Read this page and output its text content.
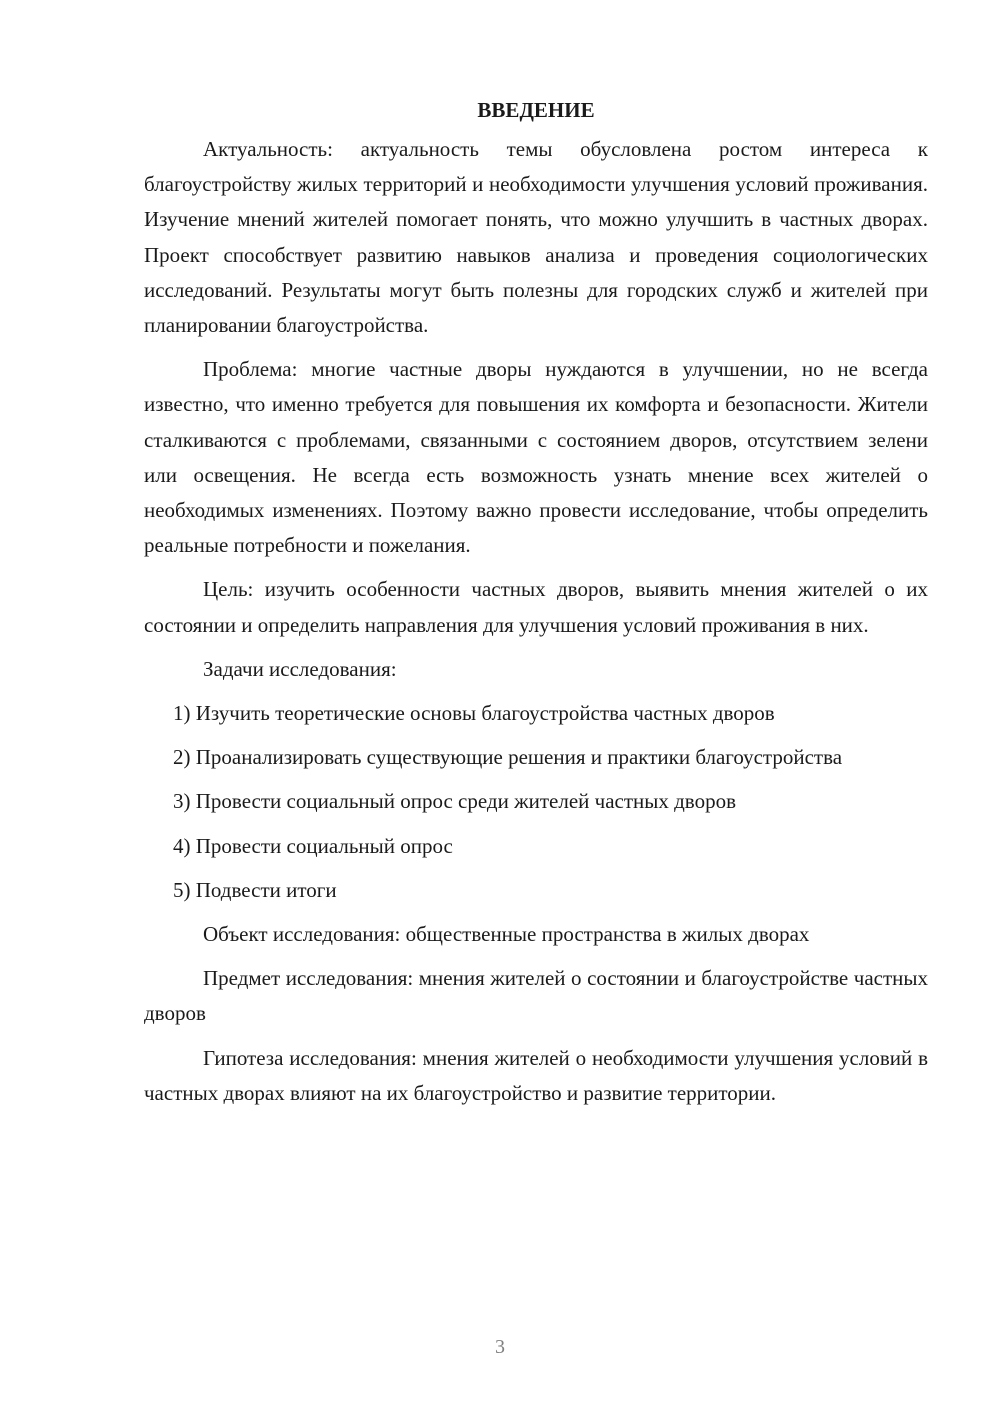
ВВЕДЕНИЕ

Актуальность: актуальность темы обусловлена ростом интереса к благоустройству жилых территорий и необходимости улучшения условий проживания. Изучение мнений жителей помогает понять, что можно улучшить в частных дворах. Проект способствует развитию навыков анализа и проведения социологических исследований. Результаты могут быть полезны для городских служб и жителей при планировании благоустройства.

Проблема: многие частные дворы нуждаются в улучшении, но не всегда известно, что именно требуется для повышения их комфорта и безопасности. Жители сталкиваются с проблемами, связанными с состоянием дворов, отсутствием зелени или освещения. Не всегда есть возможность узнать мнение всех жителей о необходимых изменениях. Поэтому важно провести исследование, чтобы определить реальные потребности и пожелания.

Цель: изучить особенности частных дворов, выявить мнения жителей о их состоянии и определить направления для улучшения условий проживания в них.

Задачи исследования:

1) Изучить теоретические основы благоустройства частных дворов

2) Проанализировать существующие решения и практики благоустройства

3) Провести социальный опрос среди жителей частных дворов

4) Провести социальный опрос

5) Подвести итоги

Объект исследования: общественные пространства в жилых дворах

Предмет исследования: мнения жителей о состоянии и благоустройстве частных дворов

Гипотеза исследования: мнения жителей о необходимости улучшения условий в частных дворах влияют на их благоустройство и развитие территории.

3
